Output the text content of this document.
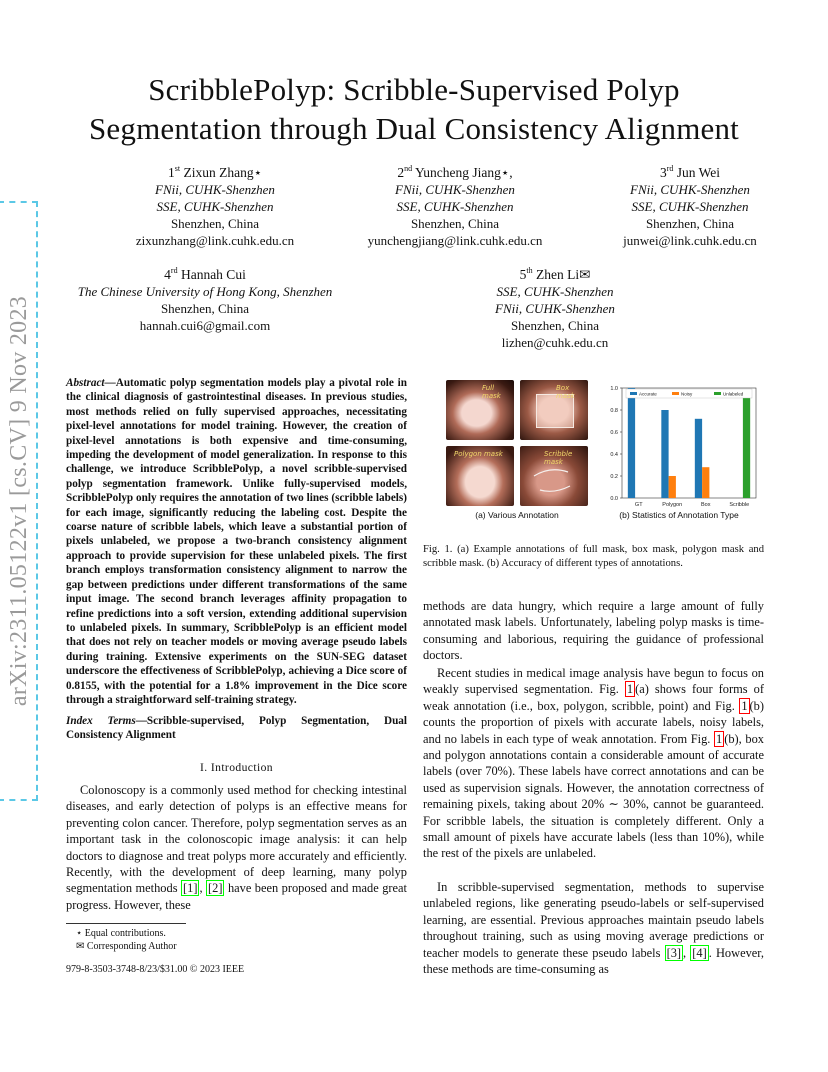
arXiv:2311.05122v1 [cs.CV] 9 Nov 2023
ScribblePolyp: Scribble-Supervised Polyp
Segmentation through Dual Consistency Alignment
1st Zixun Zhang⋆
FNii, CUHK-Shenzhen
SSE, CUHK-Shenzhen
Shenzhen, China
zixunzhang@link.cuhk.edu.cn
2nd Yuncheng Jiang⋆,
FNii, CUHK-Shenzhen
SSE, CUHK-Shenzhen
Shenzhen, China
yunchengjiang@link.cuhk.edu.cn
3rd Jun Wei
FNii, CUHK-Shenzhen
SSE, CUHK-Shenzhen
Shenzhen, China
junwei@link.cuhk.edu.cn
4rd Hannah Cui
The Chinese University of Hong Kong, Shenzhen
Shenzhen, China
hannah.cui6@gmail.com
5th Zhen Li✉
SSE, CUHK-Shenzhen
FNii, CUHK-Shenzhen
Shenzhen, China
lizhen@cuhk.edu.cn
Abstract—Automatic polyp segmentation models play a pivotal role in the clinical diagnosis of gastrointestinal diseases. In previous studies, most methods relied on fully supervised approaches, necessitating pixel-level annotations for model training. However, the creation of pixel-level annotations is both expensive and time-consuming, impeding the development of model generalization. In response to this challenge, we introduce ScribblePolyp, a novel scribble-supervised polyp segmentation framework. Unlike fully-supervised models, ScribblePolyp only requires the annotation of two lines (scribble labels) for each image, significantly reducing the labeling cost. Despite the coarse nature of scribble labels, which leave a substantial portion of pixels unlabeled, we propose a two-branch consistency alignment approach to provide supervision for these unlabeled pixels. The first branch employs transformation consistency alignment to narrow the gap between predictions under different transformations of the same input image. The second branch leverages affinity propagation to refine predictions into a soft version, extending additional supervision to unlabeled pixels. In summary, ScribblePolyp is an efficient model that does not rely on teacher models or moving average pseudo labels during training. Extensive experiments on the SUN-SEG dataset underscore the effectiveness of ScribblePolyp, achieving a Dice score of 0.8155, with the potential for a 1.8% improvement in the Dice score through a straightforward self-training strategy.
Index Terms—Scribble-supervised, Polyp Segmentation, Dual Consistency Alignment
I. Introduction
Colonoscopy is a commonly used method for checking intestinal diseases, and early detection of polyps is an effective means for preventing colon cancer. Therefore, polyp segmentation serves as an important task in the colonoscopic image analysis: it can help doctors to diagnose and treat polyps more accurately and efficiently. Recently, with the development of deep learning, many polyp segmentation methods [1] , [2] have been proposed and made great progress. However, these
⋆ Equal contributions.
✉ Corresponding Author
979-8-3503-3748-8/23/$31.00 © 2023 IEEE
Full mask
Box mask
Polygon mask	Scribble mask
(a) Various Annotation
0.0
0.2
0.4
0.6
0.8
1.0
GT	Polygon	Box	Scribble
Accurate	Noisy	Unlabeled
(b) Statistics of Annotation Type
Fig. 1. (a) Example annotations of full mask, box mask, polygon mask and scribble mask. (b) Accuracy of different types of annotations.
methods are data hungry, which require a large amount of fully annotated mask labels. Unfortunately, labeling polyp masks is time-consuming and laborious, requiring the guidance of professional doctors.
Recent studies in medical image analysis have begun to focus on weakly supervised segmentation. Fig. 1 (a) shows four forms of weak annotation (i.e., box, polygon, scribble, point) and Fig. 1 (b) counts the proportion of pixels with accurate labels, noisy labels, and no labels in each type of weak annotation. From Fig. 1 (b), box and polygon annotations contain a considerable amount of accurate labels (over 70%). These labels have correct annotations and can be used as supervision signals. However, the annotation correctness of remaining pixels, taking about 20% ∼ 30%, cannot be guaranteed. For scribble labels, the situation is completely different. Only a small amount of pixels have accurate labels (less than 10%), while the rest of the pixels are unlabeled.
In scribble-supervised segmentation, methods to supervise unlabeled regions, like generating pseudo-labels or self-supervised learning, are essential. Previous approaches maintain pseudo labels throughout training, such as using moving average predictions or teacher models to generate these pseudo labels [3] , [4] . However, these methods are time-consuming as
